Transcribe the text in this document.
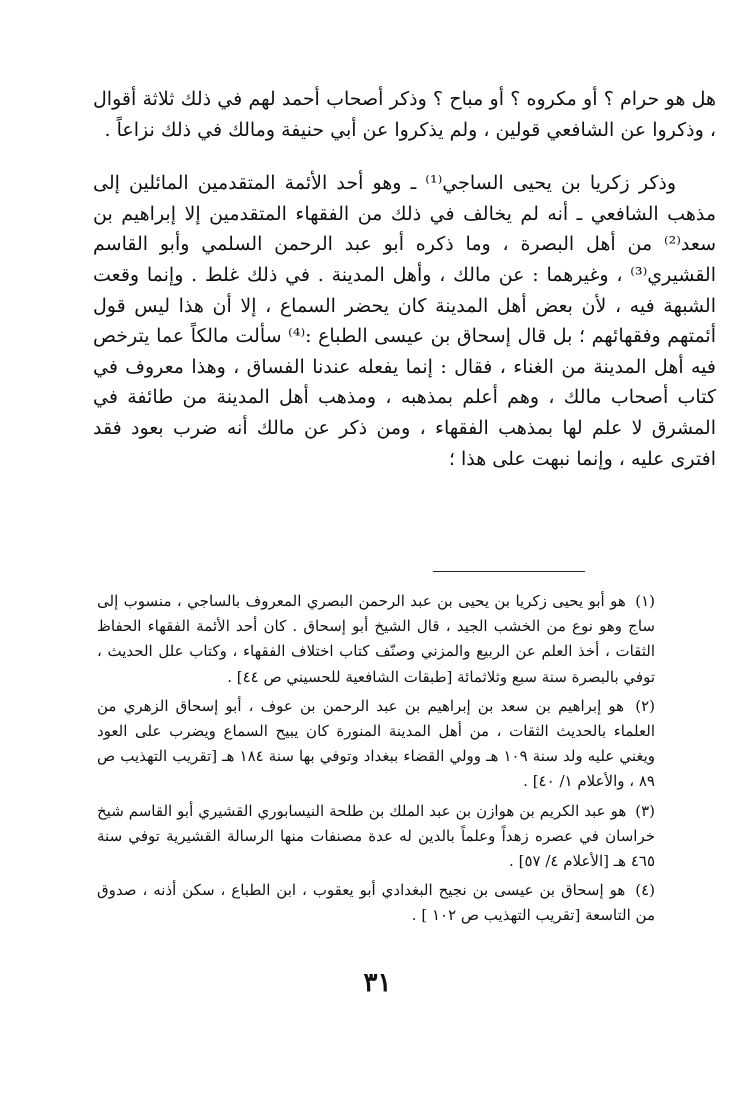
هل هو حرام ؟ أو مكروه ؟ أو مباح ؟ وذكر أصحاب أحمد لهم في ذلك ثلاثة أقوال ، وذكروا عن الشافعي قولين ، ولم يذكروا عن أبي حنيفة ومالك في ذلك نزاعاً .

وذكر زكريا بن يحيى الساجي⁽¹⁾ ـ وهو أحد الأئمة المتقدمين المائلين إلى مذهب الشافعي ـ أنه لم يخالف في ذلك من الفقهاء المتقدمين إلا إبراهيم بن سعد⁽²⁾ من أهل البصرة ، وما ذكره أبو عبد الرحمن السلمي وأبو القاسم القشيري⁽³⁾ ، وغيرهما : عن مالك ، وأهل المدينة . في ذلك غلط . وإنما وقعت الشبهة فيه ، لأن بعض أهل المدينة كان يحضر السماع ، إلا أن هذا ليس قول أئمتهم وفقهائهم ؛ بل قال إسحاق بن عيسى الطباع :⁽⁴⁾ سألت مالكاً عما يترخص فيه أهل المدينة من الغناء ، فقال : إنما يفعله عندنا الفساق ، وهذا معروف في كتاب أصحاب مالك ، وهم أعلم بمذهبه ، ومذهب أهل المدينة من طائفة في المشرق لا علم لها بمذهب الفقهاء ، ومن ذكر عن مالك أنه ضرب بعود فقد افترى عليه ، وإنما نبهت على هذا ؛

(١) هو أبو يحيى زكريا بن يحيى بن عبد الرحمن البصري المعروف بالساجي ، منسوب إلى ساج وهو نوع من الخشب الجيد ، قال الشيخ أبو إسحاق . كان أحد الأئمة الفقهاء الحفاظ الثقات ، أخذ العلم عن الربيع والمزني وصنّف كتاب اختلاف الفقهاء ، وكتاب علل الحديث ، توفي بالبصرة سنة سبع وثلاثمائة [طبقات الشافعية للحسيني ص ٤٤] .

(٢) هو إبراهيم بن سعد بن إبراهيم بن عبد الرحمن بن عوف ، أبو إسحاق الزهري من العلماء بالحديث الثقات ، من أهل المدينة المنورة كان يبيح السماع ويضرب على العود ويغني عليه ولد سنة ١٠٩ هـ وولي القضاء ببغداد وتوفي بها سنة ١٨٤ هـ [تقريب التهذيب ص ٨٩ ، والأعلام ١/ ٤٠] .

(٣) هو عبد الكريم بن هوازن بن عبد الملك بن طلحة النيسابوري القشيري أبو القاسم شيخ خراسان في عصره زهداً وعلماً بالدين له عدة مصنفات منها الرسالة القشيرية توفي سنة ٤٦٥ هـ [الأعلام ٤/ ٥٧] .

(٤) هو إسحاق بن عيسى بن نجيح البغدادي أبو يعقوب ، ابن الطباع ، سكن أذنه ، صدوق من التاسعة [تقريب التهذيب ص ١٠٢ ] .

٣١
